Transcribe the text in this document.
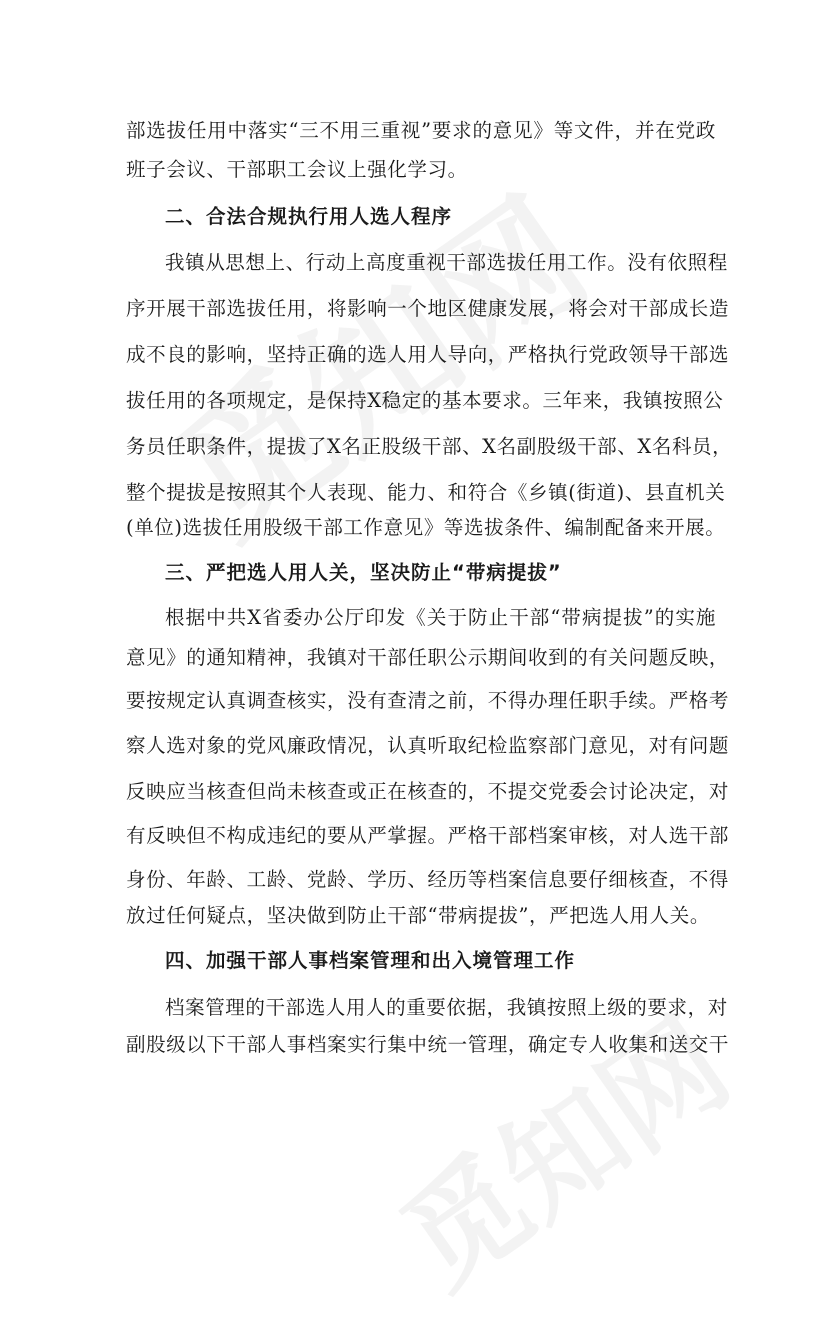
部选拔任用中落实“三不用三重视”要求的意见》等文件，并在党政
班子会议、干部职工会议上强化学习。
二、合法合规执行用人选人程序
我镇从思想上、行动上高度重视干部选拔任用工作。没有依照程
序开展干部选拔任用，将影响一个地区健康发展，将会对干部成长造
成不良的影响，坚持正确的选人用人导向，严格执行党政领导干部选
拔任用的各项规定，是保持X稳定的基本要求。三年来，我镇按照公
务员任职条件，提拔了X名正股级干部、X名副股级干部、X名科员，
整个提拔是按照其个人表现、能力、和符合《乡镇(街道)、县直机关
(单位)选拔任用股级干部工作意见》等选拔条件、编制配备来开展。
三、严把选人用人关，坚决防止“带病提拔”
根据中共X省委办公厅印发《关于防止干部“带病提拔”的实施
意见》的通知精神，我镇对干部任职公示期间收到的有关问题反映，
要按规定认真调查核实，没有查清之前，不得办理任职手续。严格考
察人选对象的党风廉政情况，认真听取纪检监察部门意见，对有问题
反映应当核查但尚未核查或正在核查的，不提交党委会讨论决定，对
有反映但不构成违纪的要从严掌握。严格干部档案审核，对人选干部
身份、年龄、工龄、党龄、学历、经历等档案信息要仔细核查，不得
放过任何疑点，坚决做到防止干部“带病提拔”，严把选人用人关。
四、加强干部人事档案管理和出入境管理工作
档案管理的干部选人用人的重要依据，我镇按照上级的要求，对
副股级以下干部人事档案实行集中统一管理，确定专人收集和送交干
